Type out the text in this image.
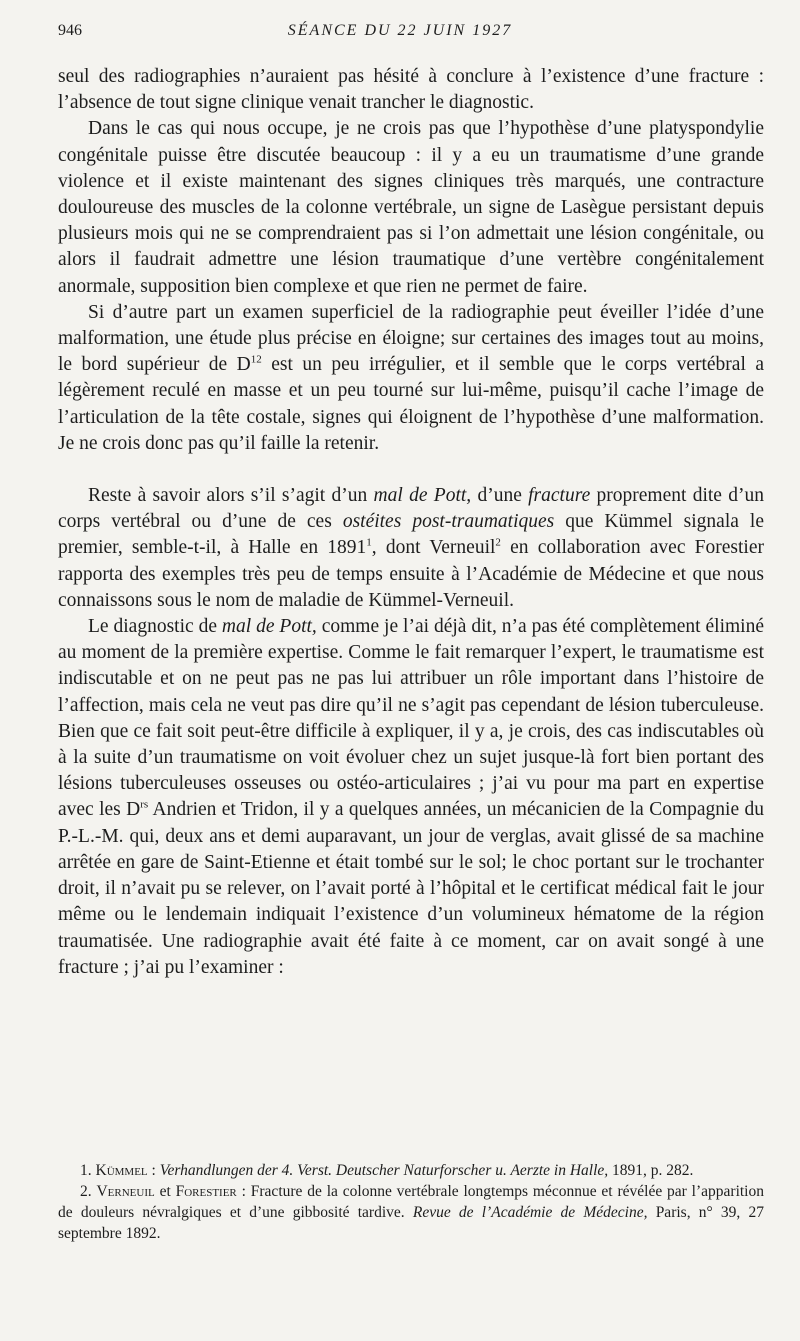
946	SÉANCE DU 22 JUIN 1927

seul des radiographies n’auraient pas hésité à conclure à l’existence d’une fracture : l’absence de tout signe clinique venait trancher le diagnostic.

Dans le cas qui nous occupe, je ne crois pas que l’hypothèse d’une platyspondylie congénitale puisse être discutée beaucoup : il y a eu un traumatisme d’une grande violence et il existe maintenant des signes cliniques très marqués, une contracture douloureuse des muscles de la colonne vertébrale, un signe de Lasègue persistant depuis plusieurs mois qui ne se comprendraient pas si l’on admettait une lésion congénitale, ou alors il faudrait admettre une lésion traumatique d’une vertèbre congénitalement anormale, supposition bien complexe et que rien ne permet de faire.

Si d’autre part un examen superficiel de la radiographie peut éveiller l’idée d’une malformation, une étude plus précise en éloigne; sur certaines des images tout au moins, le bord supérieur de $D^{12}$ est un peu irrégulier, et il semble que le corps vertébral a légèrement reculé en masse et un peu tourné sur lui-même, puisqu’il cache l’image de l’articulation de la tête costale, signes qui éloignent de l’hypothèse d’une malformation. Je ne crois donc pas qu’il faille la retenir.

Reste à savoir alors s’il s’agit d’un mal de Pott, d’une fracture proprement dite d’un corps vertébral ou d’une de ces ostéites post-traumatiques que Kümmel signala le premier, semble-t-il, à Halle en 1891$^1$, dont Verneuil$^2$ en collaboration avec Forestier rapporta des exemples très peu de temps ensuite à l’Académie de Médecine et que nous connaissons sous le nom de maladie de Kümmel-Verneuil.

Le diagnostic de mal de Pott, comme je l’ai déjà dit, n’a pas été complètement éliminé au moment de la première expertise. Comme le fait remarquer l’expert, le traumatisme est indiscutable et on ne peut pas ne pas lui attribuer un rôle important dans l’histoire de l’affection, mais cela ne veut pas dire qu’il ne s’agit pas cependant de lésion tuberculeuse. Bien que ce fait soit peut-être difficile à expliquer, il y a, je crois, des cas indiscutables où à la suite d’un traumatisme on voit évoluer chez un sujet jusque-là fort bien portant des lésions tuberculeuses osseuses ou ostéo-articulaires ; j’ai vu pour ma part en expertise avec les $D^{rs}$ Andrien et Tridon, il y a quelques années, un mécanicien de la Compagnie du P.-L.-M. qui, deux ans et demi auparavant, un jour de verglas, avait glissé de sa machine arrêtée en gare de Saint-Etienne et était tombé sur le sol; le choc portant sur le trochanter droit, il n’avait pu se relever, on l’avait porté à l’hôpital et le certificat médical fait le jour même ou le lendemain indiquait l’existence d’un volumineux hématome de la région traumatisée. Une radiographie avait été faite à ce moment, car on avait songé à une fracture ; j’ai pu l’examiner :

1. Kümmel : Verhandlungen der 4. Verst. Deutscher Naturforscher u. Aerzte in Halle, 1891, p. 282.

2. Verneuil et Forestier : Fracture de la colonne vertébrale longtemps méconnue et révélée par l’apparition de douleurs névralgiques et d’une gibbosité tardive. Revue de l’Académie de Médecine, Paris, n° 39, 27 septembre 1892.
